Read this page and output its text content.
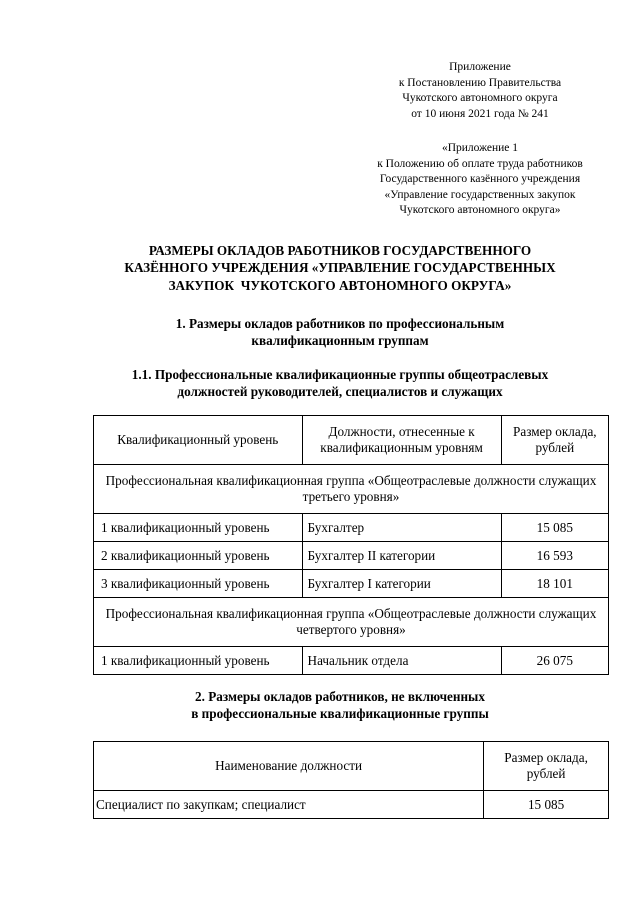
Приложение
к Постановлению Правительства
Чукотского автономного округа
от 10 июня 2021 года № 241
«Приложение 1
к Положению об оплате труда работников
Государственного казённого учреждения
«Управление государственных закупок
Чукотского автономного округа»
РАЗМЕРЫ ОКЛАДОВ РАБОТНИКОВ ГОСУДАРСТВЕННОГО
КАЗЁННОГО УЧРЕЖДЕНИЯ «УПРАВЛЕНИЕ ГОСУДАРСТВЕННЫХ
ЗАКУПОК  ЧУКОТСКОГО АВТОНОМНОГО ОКРУГА»
1. Размеры окладов работников по профессиональным
квалификационным группам
1.1. Профессиональные квалификационные группы общеотраслевых
должностей руководителей, специалистов и служащих
Квалификационный уровень	Должности, отнесенные к квалификационным уровням	Размер оклада, рублей
Профессиональная квалификационная группа «Общеотраслевые должности служащих третьего уровня»		
1 квалификационный уровень	Бухгалтер	15 085
2 квалификационный уровень	Бухгалтер II категории	16 593
3 квалификационный уровень	Бухгалтер I категории	18 101
Профессиональная квалификационная группа «Общеотраслевые должности служащих четвертого уровня»		
1 квалификационный уровень	Начальник отдела	26 075
2. Размеры окладов работников, не включенных
в профессиональные квалификационные группы
Наименование должности	Размер оклада, рублей
Специалист по закупкам; специалист	15 085
